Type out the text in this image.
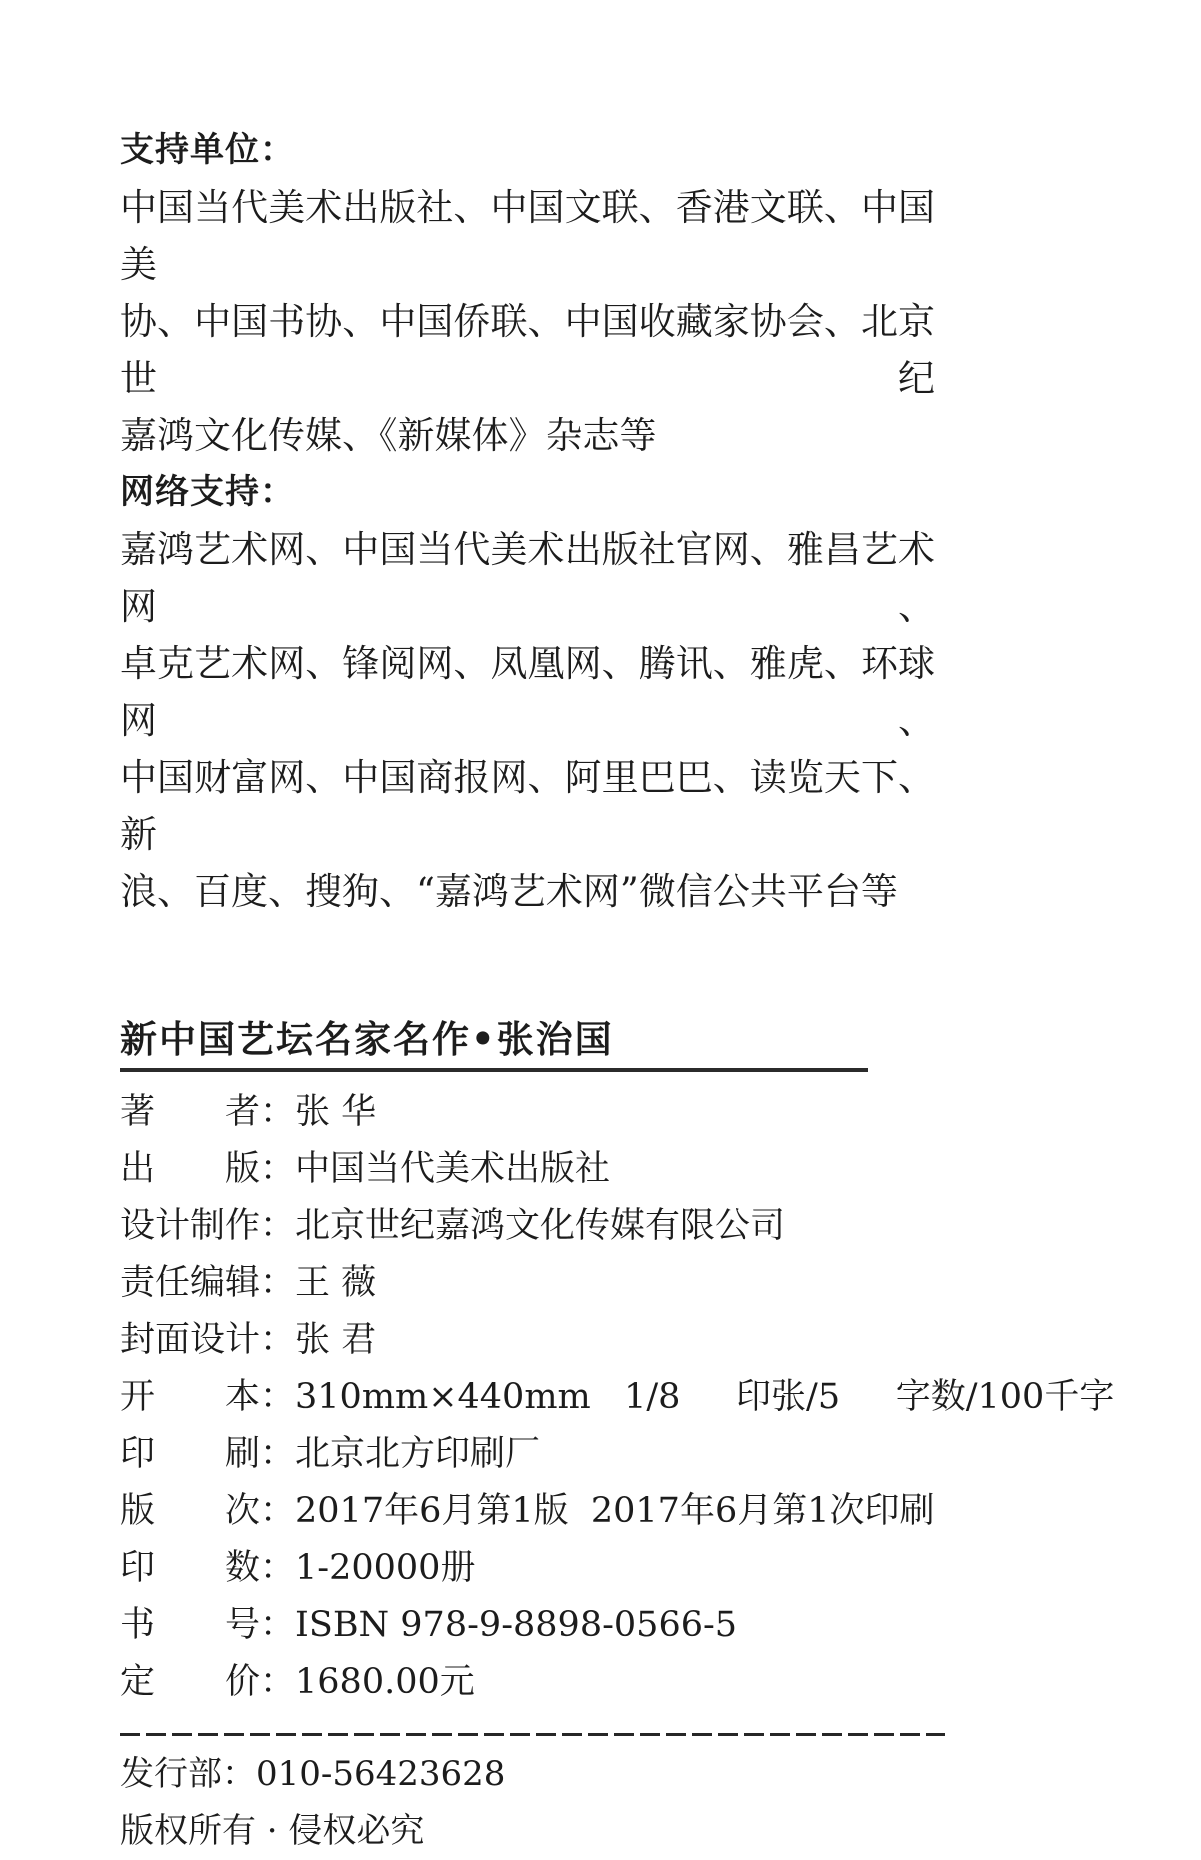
支持单位：
中国当代美术出版社、中国文联、香港文联、中国美
协、中国书协、中国侨联、中国收藏家协会、北京世纪
嘉鸿文化传媒、《新媒体》杂志等
网络支持：
嘉鸿艺术网、中国当代美术出版社官网、雅昌艺术网、
卓克艺术网、锋阅网、凤凰网、腾讯、雅虎、环球网、
中国财富网、中国商报网、阿里巴巴、读览天下、新
浪、百度、搜狗、“嘉鸿艺术网”微信公共平台等
新中国艺坛名家名作•张治国
著　　者：张 华
出　　版：中国当代美术出版社
设计制作：北京世纪嘉鸿文化传媒有限公司
责任编辑：王 薇
封面设计：张 君
开　　本：310mm×440mm   1/8     印张/5     字数/100千字
印　　刷：北京北方印刷厂
版　　次：2017年6月第1版  2017年6月第1次印刷
印　　数：1-20000册
书　　号：ISBN 978-9-8898-0566-5
定　　价：1680.00元
发行部：010-56423628
版权所有 · 侵权必究
